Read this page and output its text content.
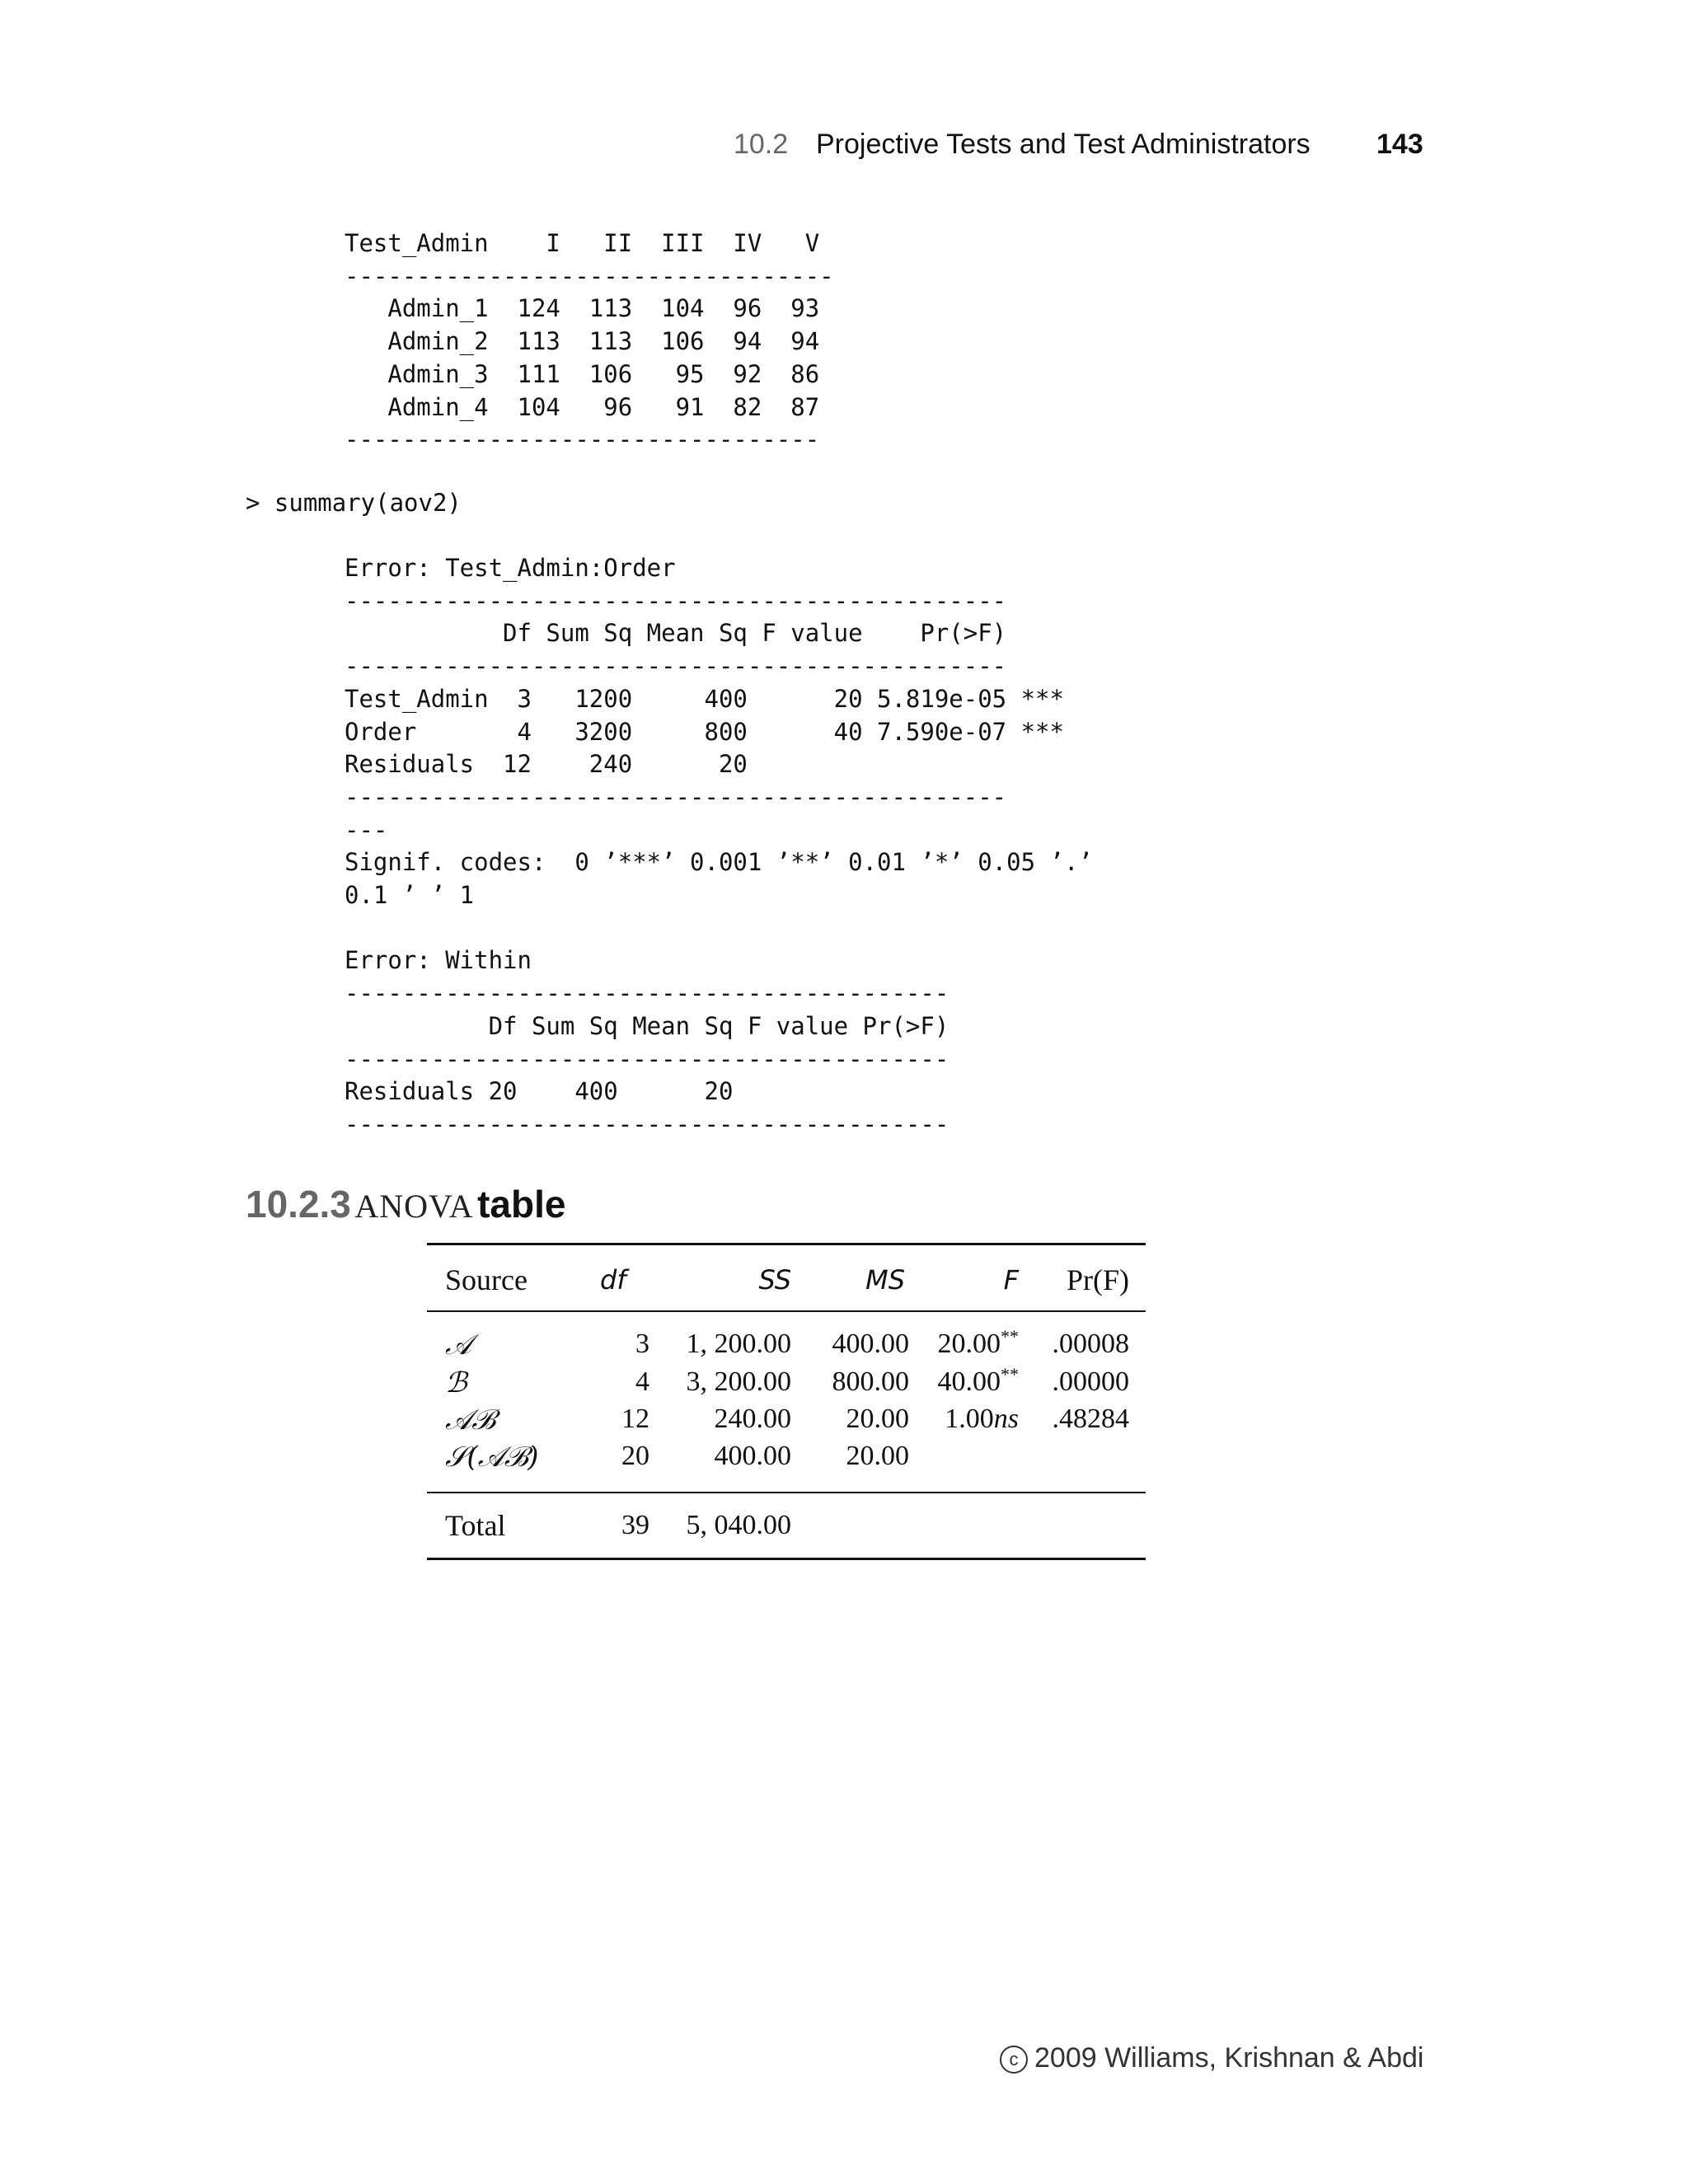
10.2 Projective Tests and Test Administrators 143
Test_Admin    I   II  III  IV   V
----------------------------------
Admin_1  124  113  104  96  93
Admin_2  113  113  106  94  94
Admin_3  111  106   95  92  86
Admin_4  104   96   91  82  87
---------------------------------
> summary(aov2)
Error: Test_Admin:Order
----------------------------------------------
Df Sum Sq Mean Sq F value    Pr(>F)
----------------------------------------------
Test_Admin  3   1200     400      20 5.819e-05 ***
Order       4   3200     800      40 7.590e-07 ***
Residuals  12    240      20
----------------------------------------------
---
Signif. codes:  0 ’***’ 0.001 ’**’ 0.01 ’*’ 0.05 ’.’
0.1 ’ ’ 1

Error: Within
------------------------------------------
Df Sum Sq Mean Sq F value Pr(>F)
------------------------------------------
Residuals 20    400      20
------------------------------------------
10.2.3 ANOVA table
Source	df	SS	MS	F	Pr(F)
𝒜	3	1, 200.00	400.00	20.00**	.00008
ℬ	4	3, 200.00	800.00	40.00**	.00000
𝒜ℬ	12	240.00	20.00	1.00ns	.48284
𝒮(𝒜ℬ)	20	400.00	20.00
Total	39	5, 040.00
c 2009 Williams, Krishnan & Abdi
